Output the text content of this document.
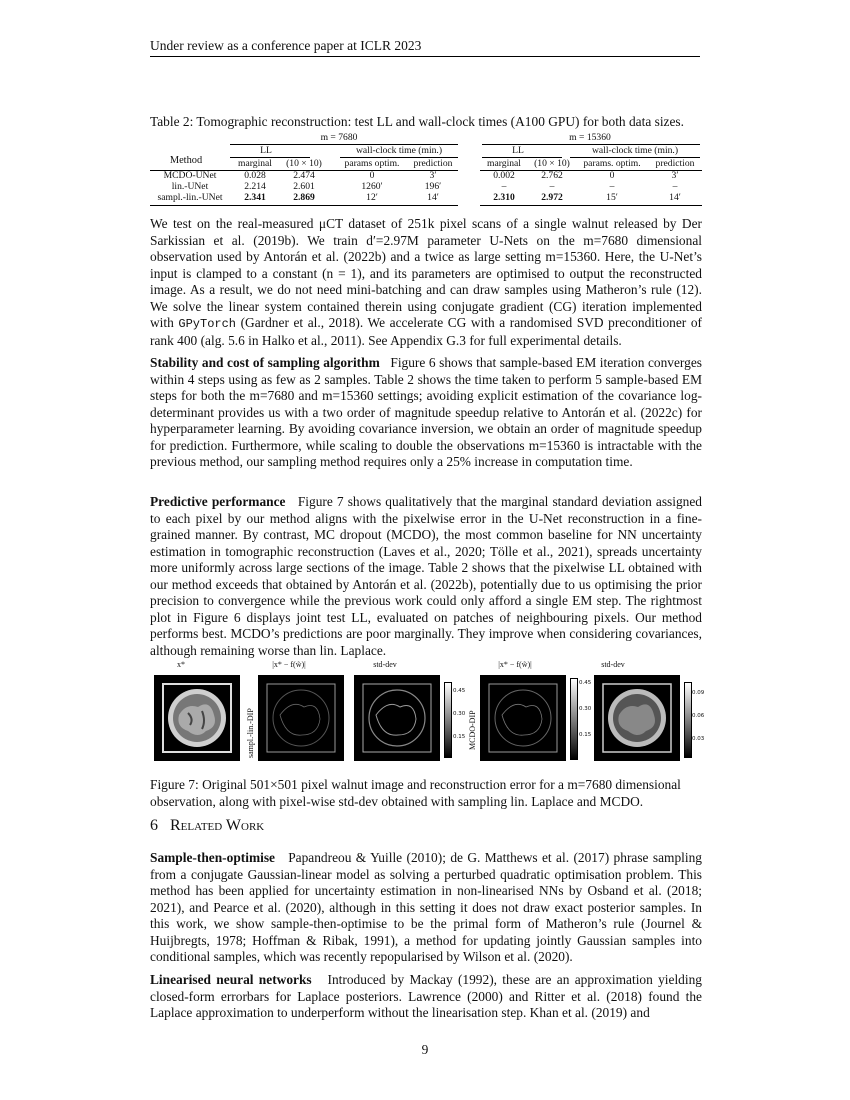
Under review as a conference paper at ICLR 2023
Table 2: Tomographic reconstruction: test LL and wall-clock times (A100 GPU) for both data sizes.
m = 7680	m = 15360
LL	wall-clock time (min.)	LL	wall-clock time (min.)
Method	marginal	(10 × 10)	params optim.	prediction	marginal	(10 × 10)	params. optim.	prediction
MCDO-UNet	0.028	2.474	0	3′	0.002	2.762	0	3′
lin.-UNet	2.214	2.601	1260′	196′	–	–	–	–
sampl.-lin.-UNet	2.341	2.869	12′	14′	2.310	2.972	15′	14′
We test on the real-measured μCT dataset of 251k pixel scans of a single walnut released by Der Sarkissian et al. (2019b). We train d′=2.97M parameter U-Nets on the m=7680 dimensional observation used by Antorán et al. (2022b) and a twice as large setting m=15360. Here, the U-Net’s input is clamped to a constant (n = 1), and its parameters are optimised to output the reconstructed image. As a result, we do not need mini-batching and can draw samples using Matheron’s rule (12). We solve the linear system contained therein using conjugate gradient (CG) iteration implemented with GPyTorch (Gardner et al., 2018). We accelerate CG with a randomised SVD preconditioner of rank 400 (alg. 5.6 in Halko et al., 2011). See Appendix G.3 for full experimental details.
Stability and cost of sampling algorithm Figure 6 shows that sample-based EM iteration converges within 4 steps using as few as 2 samples. Table 2 shows the time taken to perform 5 sample-based EM steps for both the m=7680 and m=15360 settings; avoiding explicit estimation of the covariance log-determinant provides us with a two order of magnitude speedup relative to Antorán et al. (2022c) for hyperparameter learning. By avoiding covariance inversion, we obtain an order of magnitude speedup for prediction. Furthermore, while scaling to double the observations m=15360 is intractable with the previous method, our sampling method requires only a 25% increase in computation time.
Predictive performance Figure 7 shows qualitatively that the marginal standard deviation assigned to each pixel by our method aligns with the pixelwise error in the U-Net reconstruction in a fine-grained manner. By contrast, MC dropout (MCDO), the most common baseline for NN uncertainty estimation in tomographic reconstruction (Laves et al., 2020; Tölle et al., 2021), spreads uncertainty more uniformly across large sections of the image. Table 2 shows that the pixelwise LL obtained with our method exceeds that obtained by Antorán et al. (2022b), potentially due to us optimising the prior precision to convergence while the previous work could only afford a single EM step. The rightmost plot in Figure 6 displays joint test LL, evaluated on patches of neighbouring pixels. Our method performs best. MCDO’s predictions are poor marginally. They improve when considering covariances, although remaining worse than lin. Laplace.
x*	|x* − f(w̃)|	std-dev	|x* − f(w̃)|	std-dev
sampl.-lin.-DIP
0.45
0.30
0.15 MCDO-DIP
0.45
0.30
0.15
0.09
0.06
0.03
Figure 7: Original 501×501 pixel walnut image and reconstruction error for a m=7680 dimensional observation, along with pixel-wise std-dev obtained with sampling lin. Laplace and MCDO.
6 Related Work
Sample-then-optimise Papandreou & Yuille (2010); de G. Matthews et al. (2017) phrase sampling from a conjugate Gaussian-linear model as solving a perturbed quadratic optimisation problem. This method has been applied for uncertainty estimation in non-linearised NNs by Osband et al. (2018; 2021), and Pearce et al. (2020), although in this setting it does not draw exact posterior samples. In this work, we show sample-then-optimise to be the primal form of Matheron’s rule (Journel & Huijbregts, 1978; Hoffman & Ribak, 1991), a method for updating jointly Gaussian samples into conditional samples, which was recently repopularised by Wilson et al. (2020).
Linearised neural networks Introduced by Mackay (1992), these are an approximation yielding closed-form errorbars for Laplace posteriors. Lawrence (2000) and Ritter et al. (2018) found the Laplace approximation to underperform without the linearisation step. Khan et al. (2019) and
9
